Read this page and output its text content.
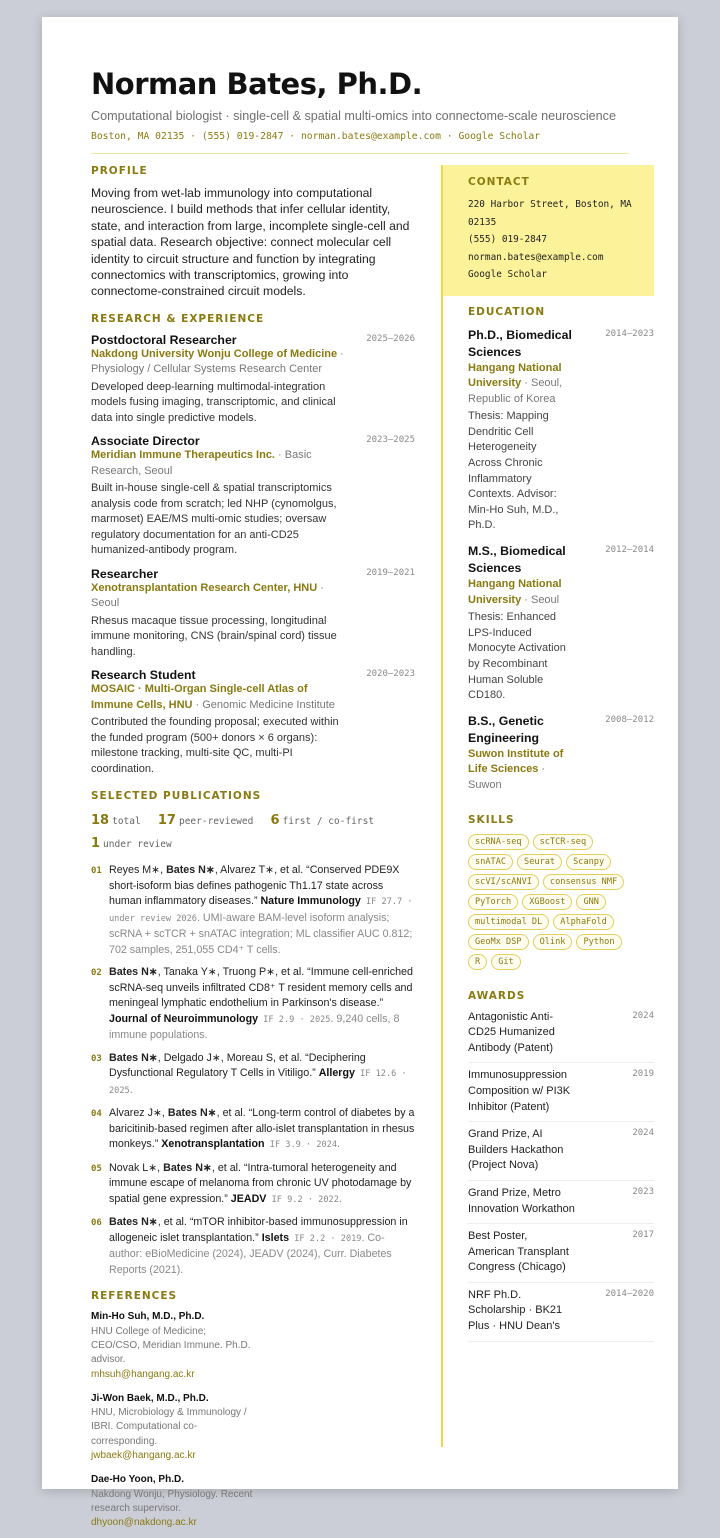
Norman Bates, Ph.D.
Computational biologist · single-cell & spatial multi-omics into connectome-scale neuroscience
Boston, MA 02135 · (555) 019-2847 · norman.bates@example.com · Google Scholar
PROFILE
Moving from wet-lab immunology into computational neuroscience. I build methods that infer cellular identity, state, and interaction from large, incomplete single-cell and spatial data. Research objective: connect molecular cell identity to circuit structure and function by integrating connectomics with transcriptomics, growing into connectome-constrained circuit models.
RESEARCH & EXPERIENCE
Postdoctoral Researcher	2025–2026
Nakdong University Wonju College of Medicine · Physiology / Cellular Systems Research Center
Developed deep-learning multimodal-integration models fusing imaging, transcriptomic, and clinical data into single predictive models.
Associate Director	2023–2025
Meridian Immune Therapeutics Inc. · Basic Research, Seoul
Built in-house single-cell & spatial transcriptomics analysis code from scratch; led NHP (cynomolgus, marmoset) EAE/MS multi-omic studies; oversaw regulatory documentation for an anti-CD25 humanized-antibody program.
Researcher	2019–2021
Xenotransplantation Research Center, HNU · Seoul
Rhesus macaque tissue processing, longitudinal immune monitoring, CNS (brain/spinal cord) tissue handling.
Research Student	2020–2023
MOSAIC · Multi-Organ Single-cell Atlas of Immune Cells, HNU · Genomic Medicine Institute
Contributed the founding proposal; executed within the funded program (500+ donors × 6 organs): milestone tracking, multi-site QC, multi-PI coordination.
SELECTED PUBLICATIONS
18 total 17 peer-reviewed 6 first / co-first
1 under review
01 Reyes M∗, Bates N∗, Alvarez T∗, et al. “Conserved PDE9X short-isoform bias defines pathogenic Th1.17 state across human inflammatory diseases.” Nature Immunology IF 27.7 · under review 2026. UMI-aware BAM-level isoform analysis; scRNA + scTCR + snATAC integration; ML classifier AUC 0.812; 702 samples, 251,055 CD4⁺ T cells.
02 Bates N∗, Tanaka Y∗, Truong P∗, et al. “Immune cell-enriched scRNA-seq unveils infiltrated CD8⁺ T resident memory cells and meningeal lymphatic endothelium in Parkinson's disease.” Journal of Neuroimmunology IF 2.9 · 2025. 9,240 cells, 8 immune populations.
03 Bates N∗, Delgado J∗, Moreau S, et al. “Deciphering Dysfunctional Regulatory T Cells in Vitiligo.” Allergy IF 12.6 · 2025.
04 Alvarez J∗, Bates N∗, et al. “Long-term control of diabetes by a baricitinib-based regimen after allo-islet transplantation in rhesus monkeys.” Xenotransplantation IF 3.9 · 2024.
05 Novak L∗, Bates N∗, et al. “Intra-tumoral heterogeneity and immune escape of melanoma from chronic UV photodamage by spatial gene expression.” JEADV IF 9.2 · 2022.
06 Bates N∗, et al. “mTOR inhibitor-based immunosuppression in allogeneic islet transplantation.” Islets IF 2.2 · 2019. Co-author: eBioMedicine (2024), JEADV (2024), Curr. Diabetes Reports (2021).
REFERENCES
Min-Ho Suh, M.D., Ph.D.
HNU College of Medicine; CEO/CSO, Meridian Immune. Ph.D. advisor.
mhsuh@hangang.ac.kr
Ji-Won Baek, M.D., Ph.D.
HNU, Microbiology & Immunology / IBRI. Computational co-corresponding.
jwbaek@hangang.ac.kr
Dae-Ho Yoon, Ph.D.
Nakdong Wonju, Physiology. Recent research supervisor.
dhyoon@nakdong.ac.kr
CONTACT
220 Harbor Street, Boston, MA 02135
(555) 019-2847
norman.bates@example.com
Google Scholar
EDUCATION
Ph.D., Biomedical Sciences
2014–2023
Hangang National University · Seoul, Republic of Korea
Thesis: Mapping Dendritic Cell Heterogeneity Across Chronic Inflammatory Contexts. Advisor: Min-Ho Suh, M.D., Ph.D.
M.S., Biomedical Sciences
2012–2014
Hangang National University · Seoul
Thesis: Enhanced LPS-Induced Monocyte Activation by Recombinant Human Soluble CD180.
B.S., Genetic Engineering
2008–2012
Suwon Institute of Life Sciences · Suwon
SKILLS
scRNA-seq	scTCR-seq
snATAC	Seurat	Scanpy
scVI/scANVI	consensus NMF
PyTorch	XGBoost	GNN
multimodal DL	AlphaFold
GeoMx DSP	Olink	Python
R	Git
AWARDS
Antagonistic Anti-CD25 Humanized Antibody (Patent)
2024
Immunosuppression Composition w/ PI3K Inhibitor (Patent)
2019
Grand Prize, AI Builders Hackathon (Project Nova)
2024
Grand Prize, Metro Innovation Workathon
2023
Best Poster, American Transplant Congress (Chicago)
2017
NRF Ph.D. Scholarship · BK21 Plus · HNU Dean's
2014–2020
